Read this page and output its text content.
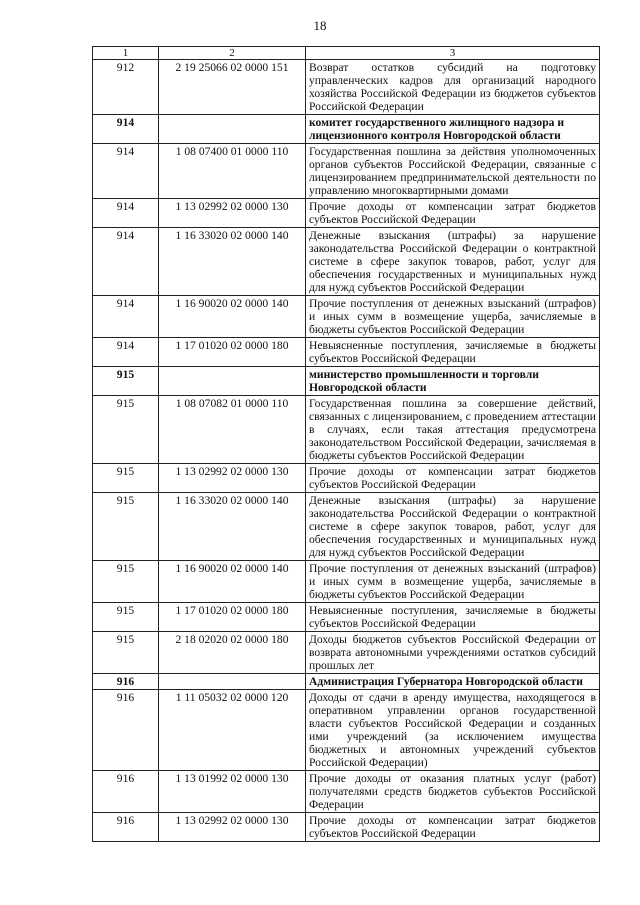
18
1	2	3
912	2 19 25066 02 0000 151	Возврат остатков субсидий на подготовку управленческих кадров для организаций народного хозяйства Российской Федерации из бюджетов субъектов Российской Федерации
914		комитет государственного жилищного надзора и лицензионного контроля Новгородской области
914	1 08 07400 01 0000 110	Государственная пошлина за действия уполномоченных органов субъектов Российской Федерации, связанные с лицензированием предпринимательской деятельности по управлению многоквартирными домами
914	1 13 02992 02 0000 130	Прочие доходы от компенсации затрат бюджетов субъектов Российской Федерации
914	1 16 33020 02 0000 140	Денежные взыскания (штрафы) за нарушение законодательства Российской Федерации о контрактной системе в сфере закупок товаров, работ, услуг для обеспечения государственных и муниципальных нужд для нужд субъектов Российской Федерации
914	1 16 90020 02 0000 140	Прочие поступления от денежных взысканий (штрафов) и иных сумм в возмещение ущерба, зачисляемые в бюджеты субъектов Российской Федерации
914	1 17 01020 02 0000 180	Невыясненные поступления, зачисляемые в бюджеты субъектов Российской Федерации
915		министерство промышленности и торговли Новгородской области
915	1 08 07082 01 0000 110	Государственная пошлина за совершение действий, связанных с лицензированием, с проведением аттестации в случаях, если такая аттестация предусмотрена законодательством Российской Федерации, зачисляемая в бюджеты субъектов Российской Федерации
915	1 13 02992 02 0000 130	Прочие доходы от компенсации затрат бюджетов субъектов Российской Федерации
915	1 16 33020 02 0000 140	Денежные взыскания (штрафы) за нарушение законодательства Российской Федерации о контрактной системе в сфере закупок товаров, работ, услуг для обеспечения государственных и муниципальных нужд для нужд субъектов Российской Федерации
915	1 16 90020 02 0000 140	Прочие поступления от денежных взысканий (штрафов) и иных сумм в возмещение ущерба, зачисляемые в бюджеты субъектов Российской Федерации
915	1 17 01020 02 0000 180	Невыясненные поступления, зачисляемые в бюджеты субъектов Российской Федерации
915	2 18 02020 02 0000 180	Доходы бюджетов субъектов Российской Федерации от возврата автономными учреждениями остатков субсидий прошлых лет
916		Администрация Губернатора Новгородской области
916	1 11 05032 02 0000 120	Доходы от сдачи в аренду имущества, находящегося в оперативном управлении органов государственной власти субъектов Российской Федерации и созданных ими учреждений (за исключением имущества бюджетных и автономных учреждений субъектов Российской Федерации)
916	1 13 01992 02 0000 130	Прочие доходы от оказания платных услуг (работ) получателями средств бюджетов субъектов Российской Федерации
916	1 13 02992 02 0000 130	Прочие доходы от компенсации затрат бюджетов субъектов Российской Федерации
